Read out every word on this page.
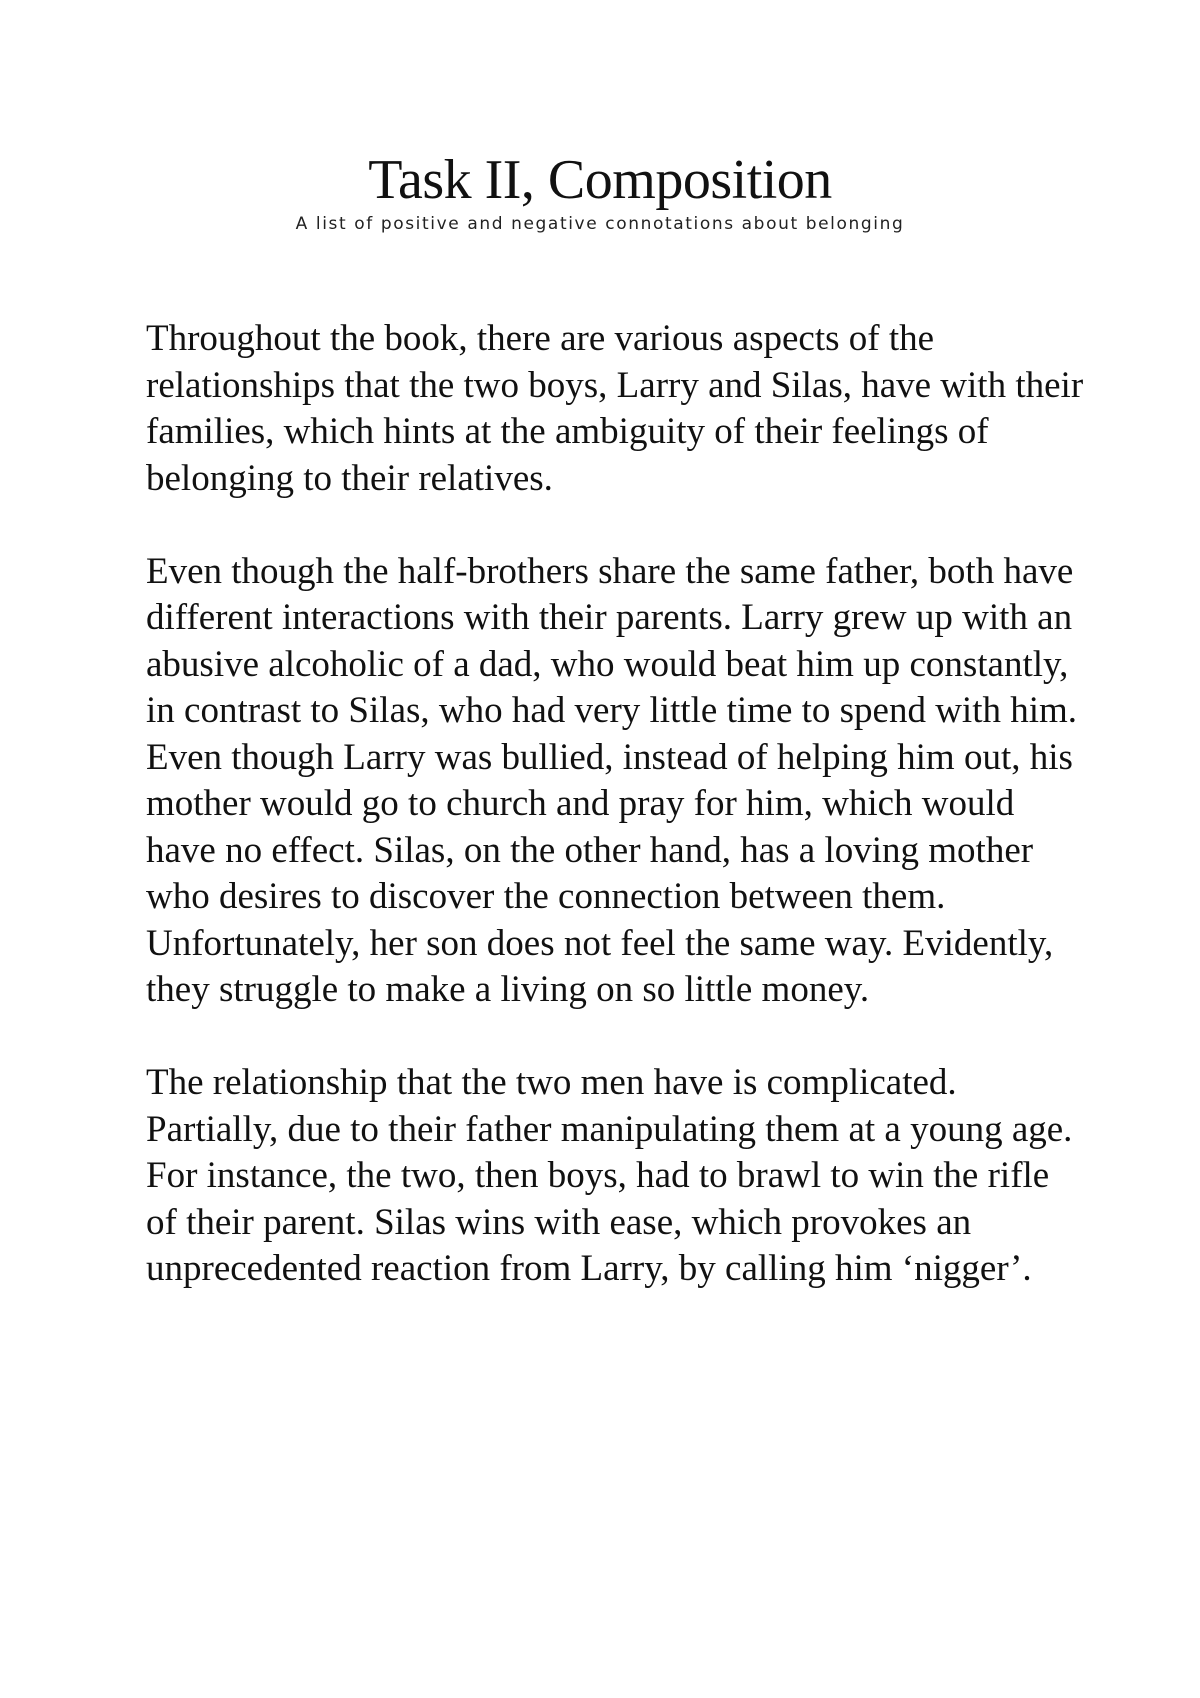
Task II, Composition
A list of positive and negative connotations about belonging

Throughout the book, there are various aspects of the relationships that the two boys, Larry and Silas, have with their families, which hints at the ambiguity of their feelings of belonging to their relatives.

Even though the half-brothers share the same father, both have different interactions with their parents. Larry grew up with an abusive alcoholic of a dad, who would beat him up constantly, in contrast to Silas, who had very little time to spend with him.

Even though Larry was bullied, instead of helping him out, his mother would go to church and pray for him, which would have no effect. Silas, on the other hand, has a loving mother who desires to discover the connection between them. Unfortunately, her son does not feel the same way. Evidently, they struggle to make a living on so little money.

The relationship that the two men have is complicated. Partially, due to their father manipulating them at a young age. For instance, the two, then boys, had to brawl to win the rifle of their parent. Silas wins with ease, which provokes an unprecedented reaction from Larry, by calling him ‘nigger’.
